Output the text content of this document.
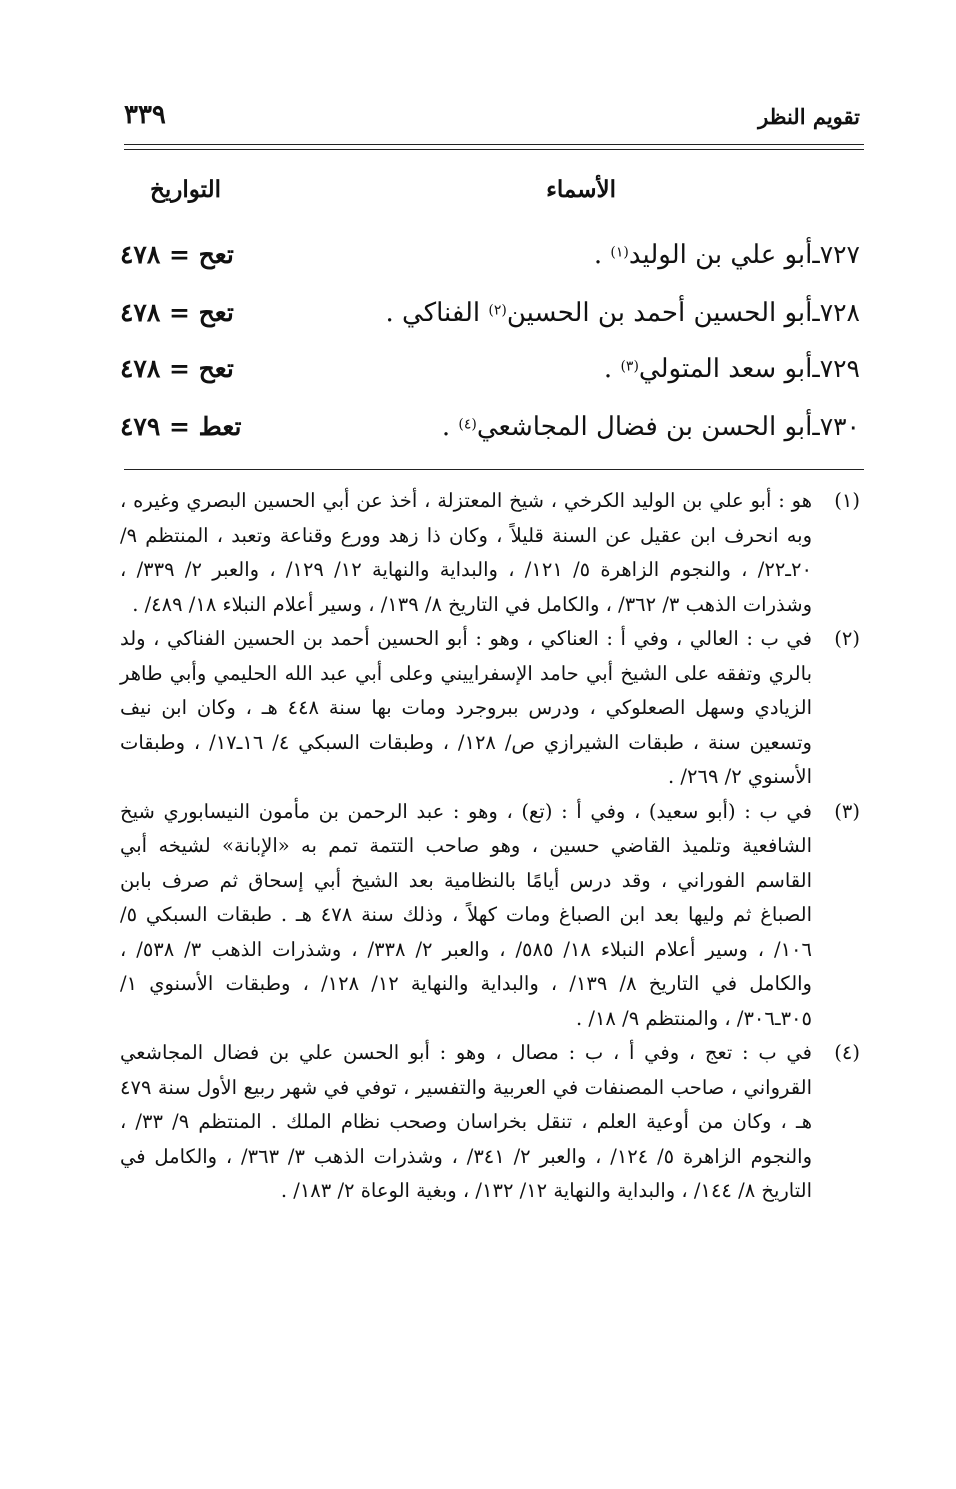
تقويم النظر
٣٣٩
الأسماء
التواريخ
٧٢٧ـأبو علي بن الوليد$^{(١)}$ .
تعح = ٤٧٨
٧٢٨ـأبو الحسين أحمد بن الحسين$^{(٢)}$ الفناكي .
تعح = ٤٧٨
٧٢٩ـأبو سعد المتولي$^{(٣)}$ .
تعح = ٤٧٨
٧٣٠ـأبو الحسن بن فضال المجاشعي$^{(٤)}$ .
تعط = ٤٧٩

(١)
هو : أبو علي بن الوليد الكرخي ، شيخ المعتزلة ، أخذ عن أبي الحسين البصري وغيره ، وبه انحرف ابن عقيل عن السنة قليلاً ، وكان ذا زهد وورع وقناعة وتعبد ، المنتظم ٩/ ٢٠ـ٢٢/ ، والنجوم الزاهرة ٥/ ١٢١/ ، والبداية والنهاية ١٢/ ١٢٩/ ، والعبر ٢/ ٣٣٩/ ، وشذرات الذهب ٣/ ٣٦٢/ ، والكامل في التاريخ ٨/ ١٣٩/ ، وسير أعلام النبلاء ١٨/ ٤٨٩/ .

(٢)
في ب : العالي ، وفي أ : العناكي ، وهو : أبو الحسين أحمد بن الحسين الفناكي ، ولد بالري وتفقه على الشيخ أبي حامد الإسفراييني وعلى أبي عبد الله الحليمي وأبي طاهر الزيادي وسهل الصعلوكي ، ودرس ببروجرد ومات بها سنة ٤٤٨ هـ ، وكان ابن نيف وتسعين سنة ، طبقات الشيرازي ص/ ١٢٨/ ، وطبقات السبكي ٤/ ١٦ـ١٧/ ، وطبقات الأسنوي ٢/ ٢٦٩/ .

(٣)
في ب : (أبو سعيد) ، وفي أ : (تع) ، وهو : عبد الرحمن بن مأمون النيسابوري شيخ الشافعية وتلميذ القاضي حسين ، وهو صاحب التتمة تمم به «الإبانة» لشيخه أبي القاسم الفوراني ، وقد درس أيامًا بالنظامية بعد الشيخ أبي إسحاق ثم صرف بابن الصباغ ثم وليها بعد ابن الصباغ ومات كهلاً ، وذلك سنة ٤٧٨ هـ . طبقات السبكي ٥/ ١٠٦/ ، وسير أعلام النبلاء ١٨/ ٥٨٥/ ، والعبر ٢/ ٣٣٨/ ، وشذرات الذهب ٣/ ٥٣٨/ ، والكامل في التاريخ ٨/ ١٣٩/ ، والبداية والنهاية ١٢/ ١٢٨/ ، وطبقات الأسنوي ١/ ٣٠٥ـ٣٠٦/ ، والمنتظم ٩/ ١٨/ .

(٤)
في ب : تعج ، وفي أ ، ب : مصال ، وهو : أبو الحسن علي بن فضال المجاشعي القرواني ، صاحب المصنفات في العربية والتفسير ، توفي في شهر ربيع الأول سنة ٤٧٩ هـ ، وكان من أوعية العلم ، تنقل بخراسان وصحب نظام الملك . المنتظم ٩/ ٣٣/ ، والنجوم الزاهرة ٥/ ١٢٤/ ، والعبر ٢/ ٣٤١/ ، وشذرات الذهب ٣/ ٣٦٣/ ، والكامل في التاريخ ٨/ ١٤٤/ ، والبداية والنهاية ١٢/ ١٣٢/ ، وبغية الوعاة ٢/ ١٨٣/ .
